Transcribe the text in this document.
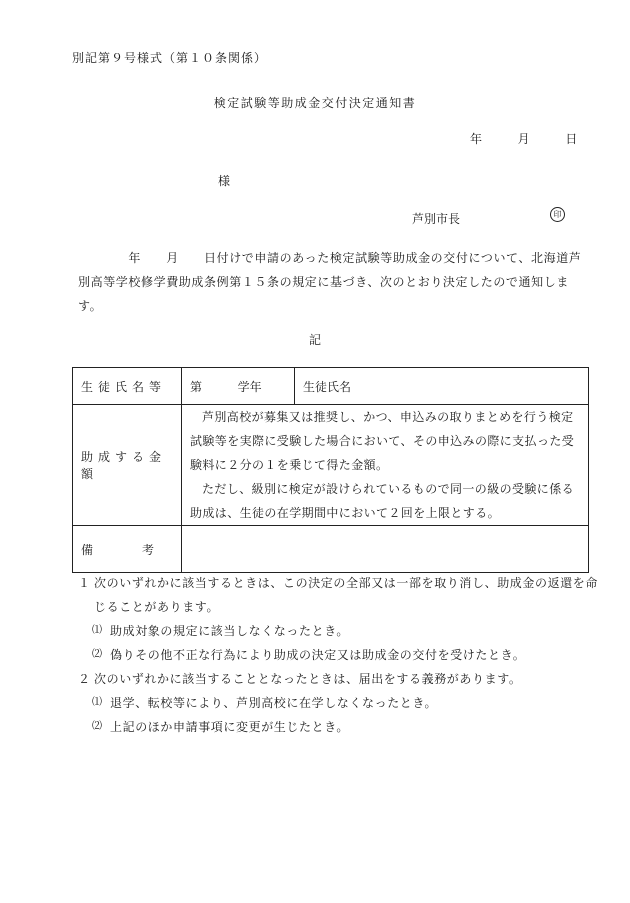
別記第９号様式（第１０条関係）
検定試験等助成金交付決定通知書
年	月	日
様
芦別市長	印
　　　　年　　月　　日付けで申請のあった検定試験等助成金の交付について、北海道芦別高等学校修学費助成条例第１５条の規定に基づき、次のとおり決定したので通知します。
記
生徒氏名等	第 学年	生徒氏名
助成する金額	芦別高校が募集又は推奨し、かつ、申込みの取りまとめを行う検定試験等を実際に受験した場合において、その申込みの際に支払った受験料に２分の１を乗じて得た金額。

ただし、級別に検定が設けられているもので同一の級の受験に係る助成は、生徒の在学期間中において２回を上限とする。	

備 考		

１ 次のいずれかに該当するときは、この決定の全部又は一部を取り消し、助成金の返還を命じることがあります。
⑴ 助成対象の規定に該当しなくなったとき。
⑵ 偽りその他不正な行為により助成の決定又は助成金の交付を受けたとき。
２ 次のいずれかに該当することとなったときは、届出をする義務があります。
⑴ 退学、転校等により、芦別高校に在学しなくなったとき。
⑵ 上記のほか申請事項に変更が生じたとき。
